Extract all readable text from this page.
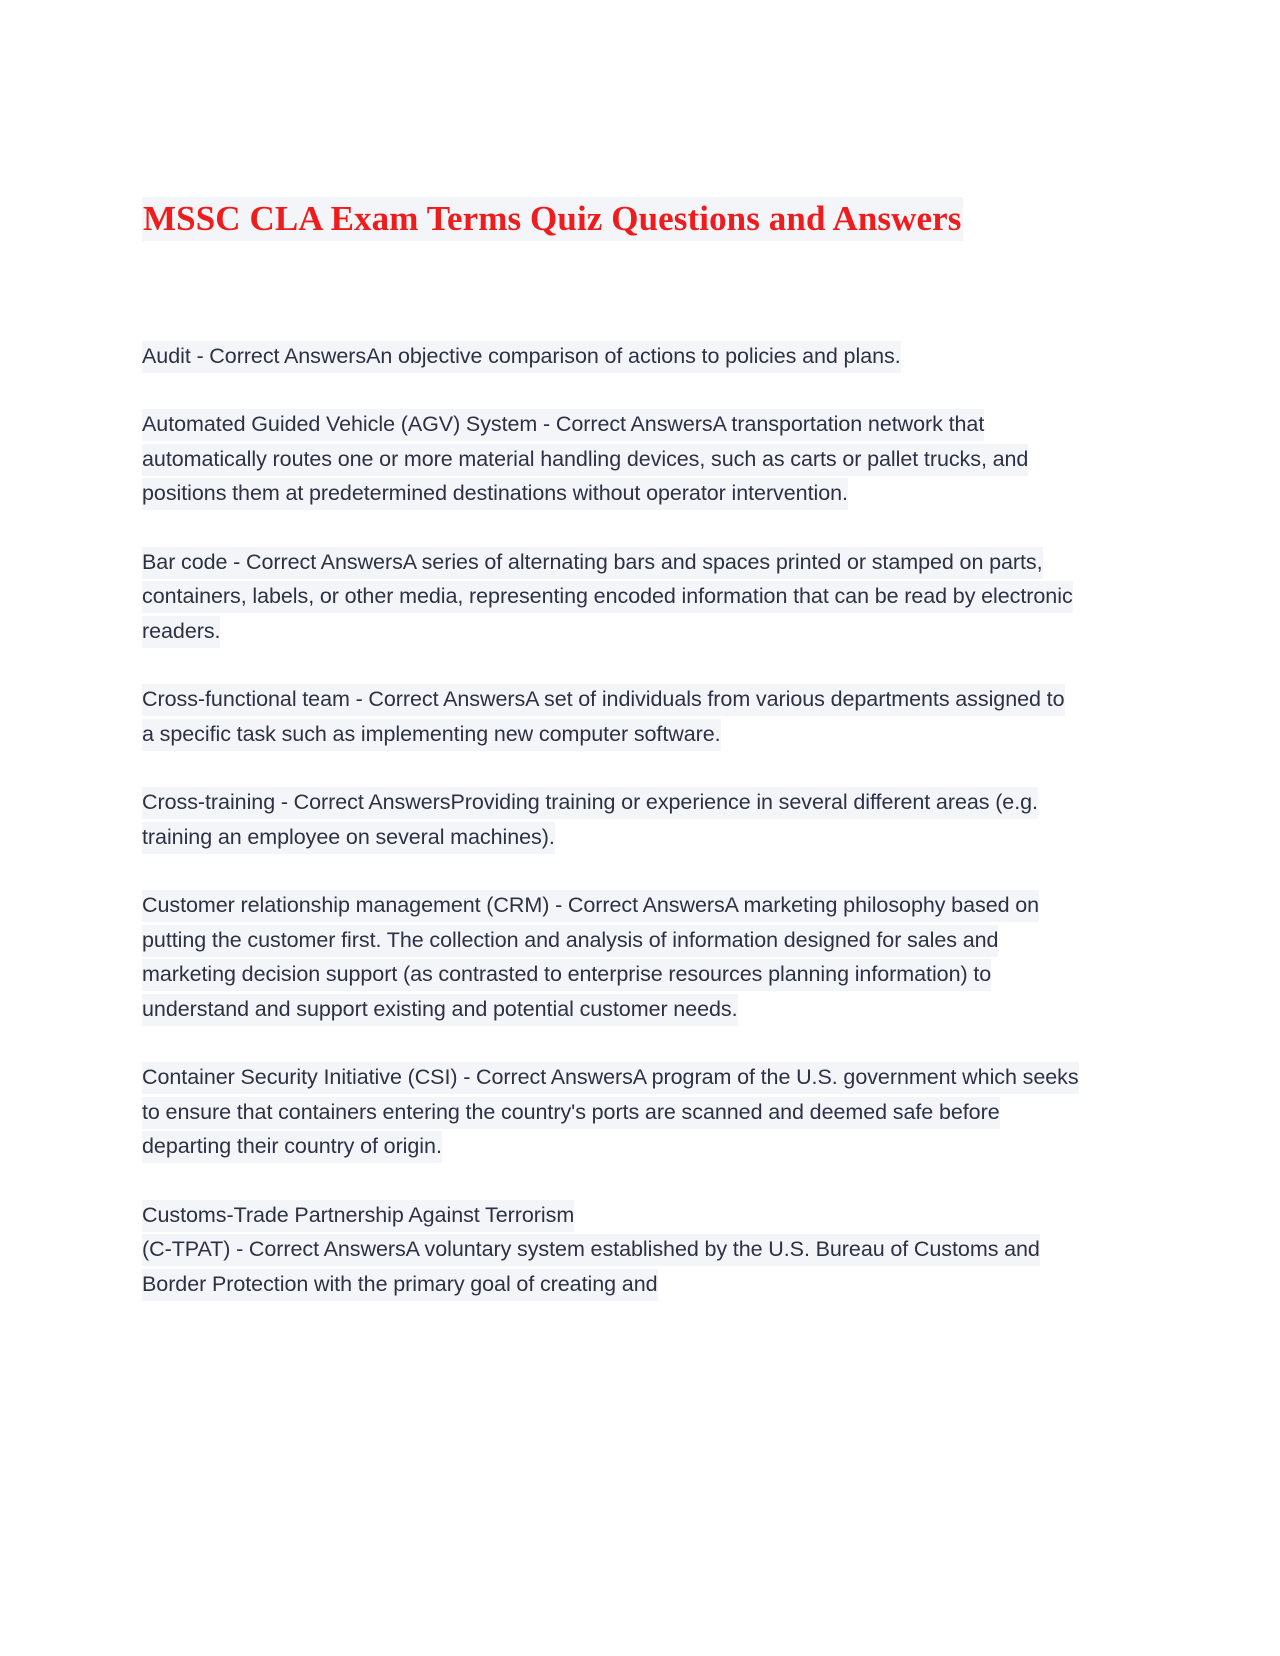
MSSC CLA Exam Terms Quiz Questions and Answers

Audit - Correct AnswersAn objective comparison of actions to policies and plans.

Automated Guided Vehicle (AGV) System - Correct AnswersA transportation network that automatically routes one or more material handling devices, such as carts or pallet trucks, and positions them at predetermined destinations without operator intervention.

Bar code - Correct AnswersA series of alternating bars and spaces printed or stamped on parts, containers, labels, or other media, representing encoded information that can be read by electronic readers.

Cross-functional team - Correct AnswersA set of individuals from various departments assigned to a specific task such as implementing new computer software.

Cross-training - Correct AnswersProviding training or experience in several different areas (e.g. training an employee on several machines).

Customer relationship management (CRM) - Correct AnswersA marketing philosophy based on putting the customer first. The collection and analysis of information designed for sales and marketing decision support (as contrasted to enterprise resources planning information) to understand and support existing and potential customer needs.

Container Security Initiative (CSI) - Correct AnswersA program of the U.S. government which seeks to ensure that containers entering the country's ports are scanned and deemed safe before departing their country of origin.

Customs-Trade Partnership Against Terrorism
(C-TPAT) - Correct AnswersA voluntary system established by the U.S. Bureau of Customs and Border Protection with the primary goal of creating and
